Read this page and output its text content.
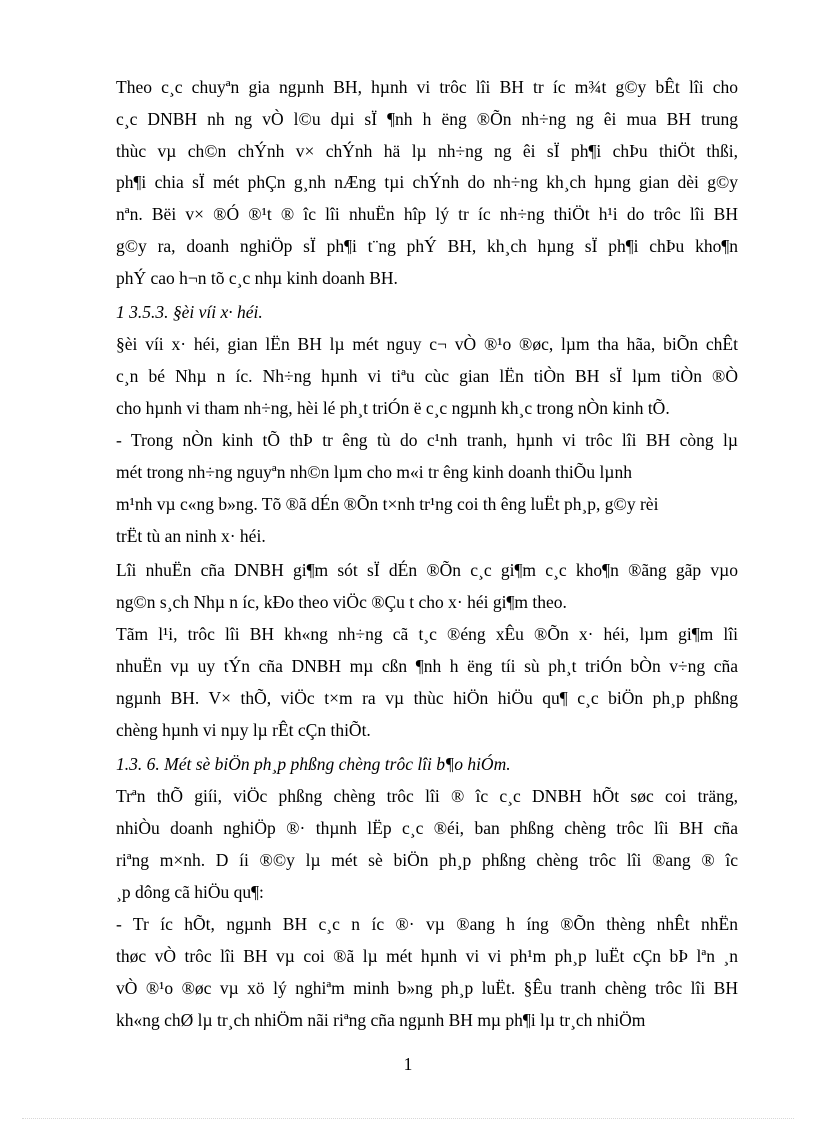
Theo c¸c chuyªn gia ngµnh BH, hµnh vi trôc lîi BH tr íc m¾t g©y bÊt lîi cho
c¸c DNBH nh ng vÒ l©u dµi sÏ ¶nh h ëng ®Õn nh÷ng ng êi mua BH trung
thùc vµ ch©n chÝnh v× chÝnh hä lµ nh÷ng ng êi sÏ ph¶i chÞu thiÖt thßi,
ph¶i chia sÏ mét phÇn g¸nh nÆng tµi chÝnh do nh÷ng kh¸ch hµng gian dèi g©y
nªn. Bëi v× ®Ó ®¹t ® îc lîi nhuËn hîp lý tr íc nh÷ng thiÖt h¹i do trôc lîi BH
g©y ra, doanh nghiÖp sÏ ph¶i t¨ng phÝ BH, kh¸ch hµng sÏ ph¶i chÞu kho¶n
phÝ cao h¬n tõ c¸c nhµ kinh doanh BH.
1 3.5.3. §èi víi x· héi.
§èi víi x· héi, gian lËn BH lµ mét nguy c¬ vÒ ®¹o ®øc, lµm tha hãa, biÕn chÊt
c¸n bé Nhµ n íc. Nh÷ng hµnh vi tiªu cùc gian lËn tiÒn BH sÏ lµm tiÒn ®Ò
cho hµnh vi tham nh÷ng, hèi lé ph¸t triÓn ë c¸c ngµnh kh¸c trong nÒn kinh tÕ.
- Trong nÒn kinh tÕ thÞ tr êng tù do c¹nh tranh, hµnh vi trôc lîi BH còng lµ
mét trong nh÷ng nguyªn nh©n lµm cho m«i tr êng kinh doanh thiÕu lµnh
m¹nh vµ c«ng b»ng. Tõ ®ã dÉn ®Õn t×nh tr¹ng coi th êng luËt ph¸p, g©y rèi
trËt tù an ninh x· héi.
Lîi nhuËn cña DNBH gi¶m sót sÏ dÉn ®Õn c¸c gi¶m c¸c kho¶n ®ãng gãp vµo
ng©n s¸ch Nhµ n íc, kÐo theo viÖc ®Çu t cho x· héi gi¶m theo.
Tãm l¹i, trôc lîi BH kh«ng nh÷ng cã t¸c ®éng xÊu ®Õn x· héi, lµm gi¶m lîi
nhuËn vµ uy tÝn cña DNBH mµ cßn ¶nh h ëng tíi sù ph¸t triÓn bÒn v÷ng cña
ngµnh BH. V× thÕ, viÖc t×m ra vµ thùc hiÖn hiÖu qu¶ c¸c biÖn ph¸p phßng
chèng hµnh vi nµy lµ rÊt cÇn thiÕt.
1.3. 6. Mét sè biÖn ph¸p phßng chèng trôc lîi b¶o hiÓm.
Trªn thÕ giíi, viÖc phßng chèng trôc lîi ® îc c¸c DNBH hÕt søc coi träng,
nhiÒu doanh nghiÖp ®· thµnh lËp c¸c ®éi, ban phßng chèng trôc lîi BH cña
riªng m×nh. D íi ®©y lµ mét sè biÖn ph¸p phßng chèng trôc lîi ®ang ® îc
¸p dông cã hiÖu qu¶:
- Tr íc hÕt, ngµnh BH c¸c n íc ®· vµ ®ang h íng ®Õn thèng nhÊt nhËn
thøc vÒ trôc lîi BH vµ coi ®ã lµ mét hµnh vi vi ph¹m ph¸p luËt cÇn bÞ lªn ¸n
vÒ ®¹o ®øc vµ xö lý nghiªm minh b»ng ph¸p luËt. §Êu tranh chèng trôc lîi BH
kh«ng chØ lµ tr¸ch nhiÖm nãi riªng cña ngµnh BH mµ ph¶i lµ tr¸ch nhiÖm
1
